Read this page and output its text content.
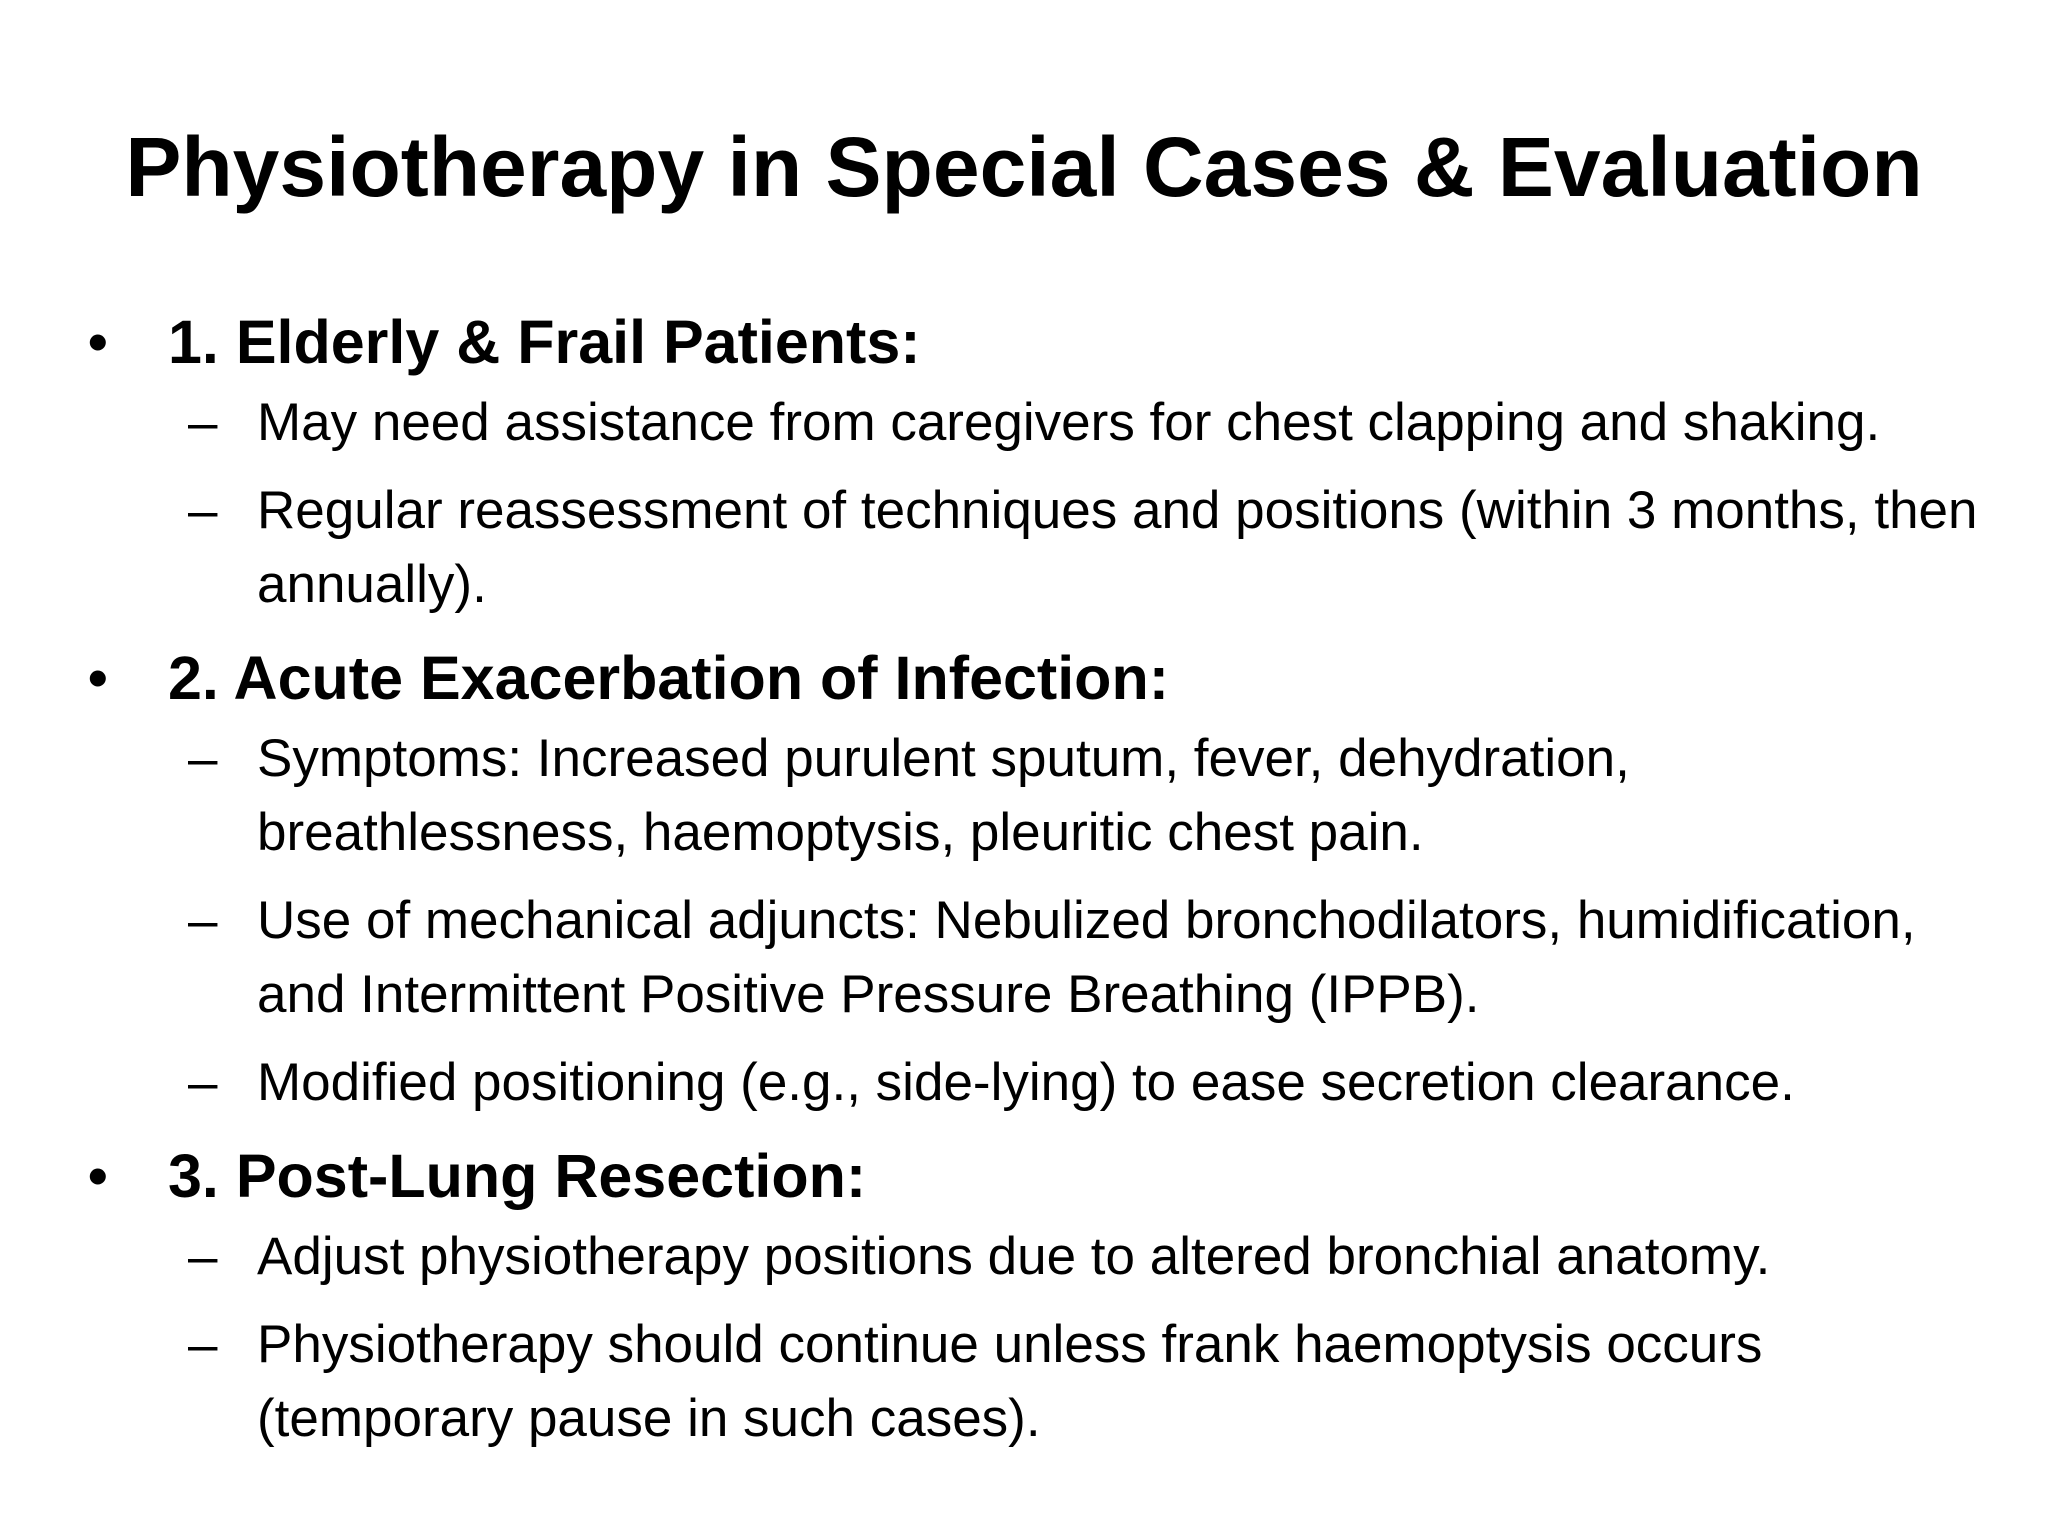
Physiotherapy in Special Cases & Evaluation
• 1. Elderly & Frail Patients:
– May need assistance from caregivers for chest clapping and shaking.
– Regular reassessment of techniques and positions (within 3 months, then annually).
• 2. Acute Exacerbation of Infection:
– Symptoms: Increased purulent sputum, fever, dehydration, breathlessness, haemoptysis, pleuritic chest pain.
– Use of mechanical adjuncts: Nebulized bronchodilators, humidification, and Intermittent Positive Pressure Breathing (IPPB).
– Modified positioning (e.g., side-lying) to ease secretion clearance.
• 3. Post-Lung Resection:
– Adjust physiotherapy positions due to altered bronchial anatomy.
– Physiotherapy should continue unless frank haemoptysis occurs (temporary pause in such cases).
